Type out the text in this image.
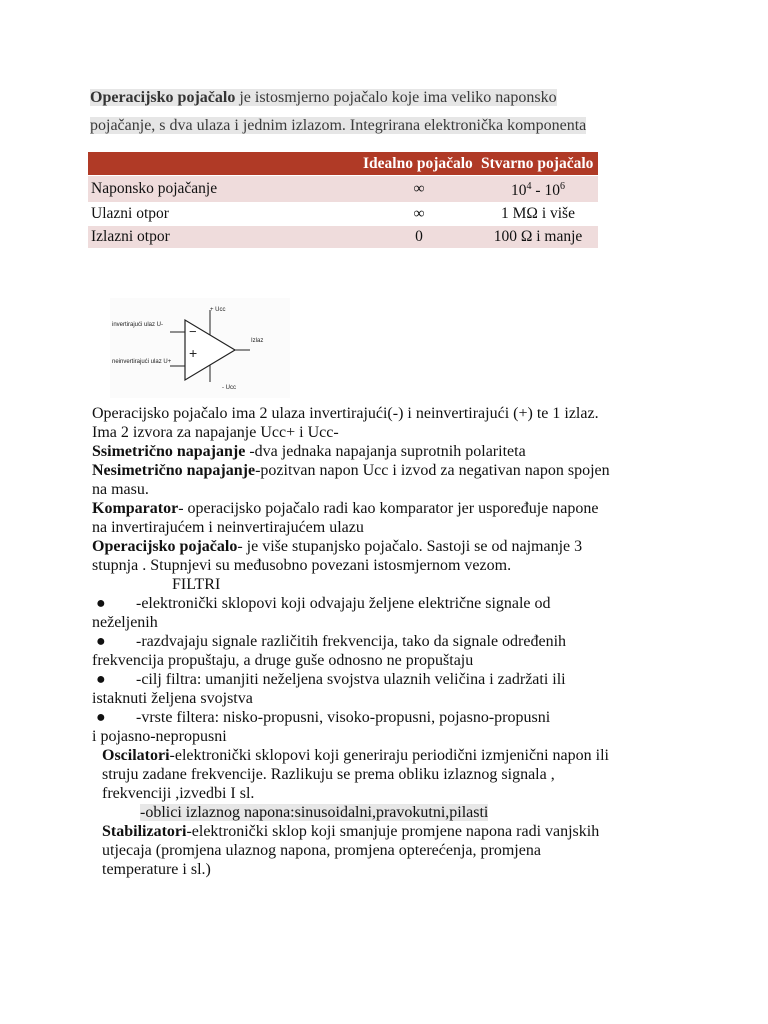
Operacijsko pojačalo je istosmjerno pojačalo koje ima veliko naponsko
pojačanje, s dva ulaza i jednim izlazom. Integrirana elektronička komponenta
	Idealno pojačalo	Stvarno pojačalo
Naponsko pojačanje	∞	$10^4 - 10^6$
Ulazni otpor	∞	1 MΩ i više
Izlazni otpor	0	100 Ω i manje
−
+
+ Ucc
- Ucc
invertirajući ulaz U-
neinvertirajući ulaz U+
Izlaz

Operacijsko pojačalo ima 2 ulaza invertirajući(-) i neinvertirajući (+) te 1 izlaz.

Ima 2 izvora za napajanje Ucc+ i Ucc-

Ssimetrično napajanje -dva jednaka napajanja suprotnih polariteta

Nesimetrično napajanje-pozitvan napon Ucc i izvod za negativan napon spojen

na masu.

Komparator- operacijsko pojačalo radi kao komparator jer uspoređuje napone

na invertirajućem i neinvertirajućem ulazu

Operacijsko pojačalo- je više stupanjsko pojačalo. Sastoji se od najmanje 3

stupnja . Stupnjevi su međusobno povezani istosmjernom vezom.

FILTRI

●	-elektronički sklopovi koji odvajaju željene električne signale od

neželjenih

●	-razdvajaju signale različitih frekvencija, tako da signale određenih

frekvencija propuštaju, a druge guše odnosno ne propuštaju

●	-cilj filtra: umanjiti neželjena svojstva ulaznih veličina i zadržati ili

istaknuti željena svojstva

●	-vrste filtera: nisko-propusni, visoko-propusni, pojasno-propusni

i pojasno-nepropusni

Oscilatori-elektronički sklopovi koji generiraju periodični izmjenični napon ili

struju zadane frekvencije. Razlikuju se prema obliku izlaznog signala ,

frekvenciji ,izvedbi I sl.

-oblici izlaznog napona:sinusoidalni,pravokutni,pilasti

Stabilizatori-elektronički sklop koji smanjuje promjene napona radi vanjskih

utjecaja (promjena ulaznog napona, promjena opterećenja, promjena

temperature i sl.)
